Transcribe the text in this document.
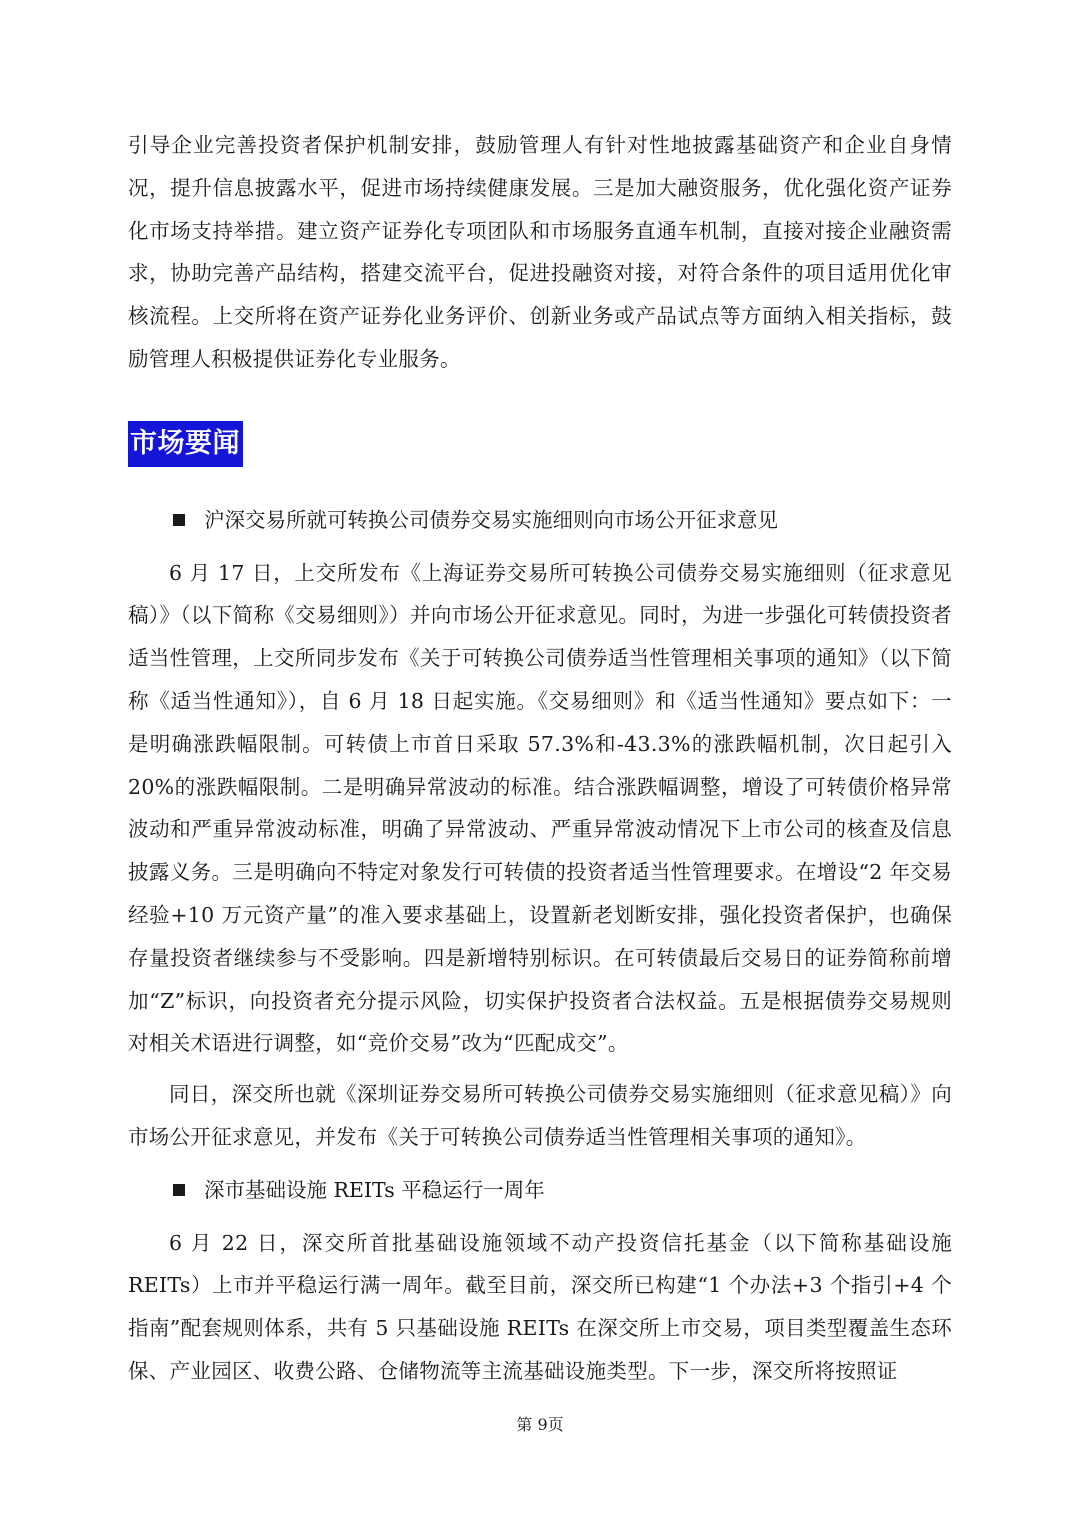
引导企业完善投资者保护机制安排，鼓励管理人有针对性地披露基础资产和企业自身情况，提升信息披露水平，促进市场持续健康发展。三是加大融资服务，优化强化资产证券化市场支持举措。建立资产证券化专项团队和市场服务直通车机制，直接对接企业融资需求，协助完善产品结构，搭建交流平台，促进投融资对接，对符合条件的项目适用优化审核流程。上交所将在资产证券化业务评价、创新业务或产品试点等方面纳入相关指标，鼓励管理人积极提供证券化专业服务。

市场要闻
沪深交易所就可转换公司债券交易实施细则向市场公开征求意见

6 月 17 日，上交所发布《上海证券交易所可转换公司债券交易实施细则（征求意见稿）》（以下简称《交易细则》）并向市场公开征求意见。同时，为进一步强化可转债投资者适当性管理，上交所同步发布《关于可转换公司债券适当性管理相关事项的通知》（以下简称《适当性通知》），自 6 月 18 日起实施。《交易细则》和《适当性通知》要点如下：一是明确涨跌幅限制。可转债上市首日采取 57.3%和-43.3%的涨跌幅机制，次日起引入 20%的涨跌幅限制。二是明确异常波动的标准。结合涨跌幅调整，增设了可转债价格异常波动和严重异常波动标准，明确了异常波动、严重异常波动情况下上市公司的核查及信息披露义务。三是明确向不特定对象发行可转债的投资者适当性管理要求。在增设“2 年交易经验+10 万元资产量”的准入要求基础上，设置新老划断安排，强化投资者保护，也确保存量投资者继续参与不受影响。四是新增特别标识。在可转债最后交易日的证券简称前增加“Z”标识，向投资者充分提示风险，切实保护投资者合法权益。五是根据债券交易规则对相关术语进行调整，如“竞价交易”改为“匹配成交”。

同日，深交所也就《深圳证券交易所可转换公司债券交易实施细则（征求意见稿）》向市场公开征求意见，并发布《关于可转换公司债券适当性管理相关事项的通知》。

深市基础设施 REITs 平稳运行一周年

6 月 22 日，深交所首批基础设施领域不动产投资信托基金（以下简称基础设施 REITs）上市并平稳运行满一周年。截至目前，深交所已构建“1 个办法+3 个指引+4 个指南”配套规则体系，共有 5 只基础设施 REITs 在深交所上市交易，项目类型覆盖生态环保、产业园区、收费公路、仓储物流等主流基础设施类型。下一步，深交所将按照证

第 9页
